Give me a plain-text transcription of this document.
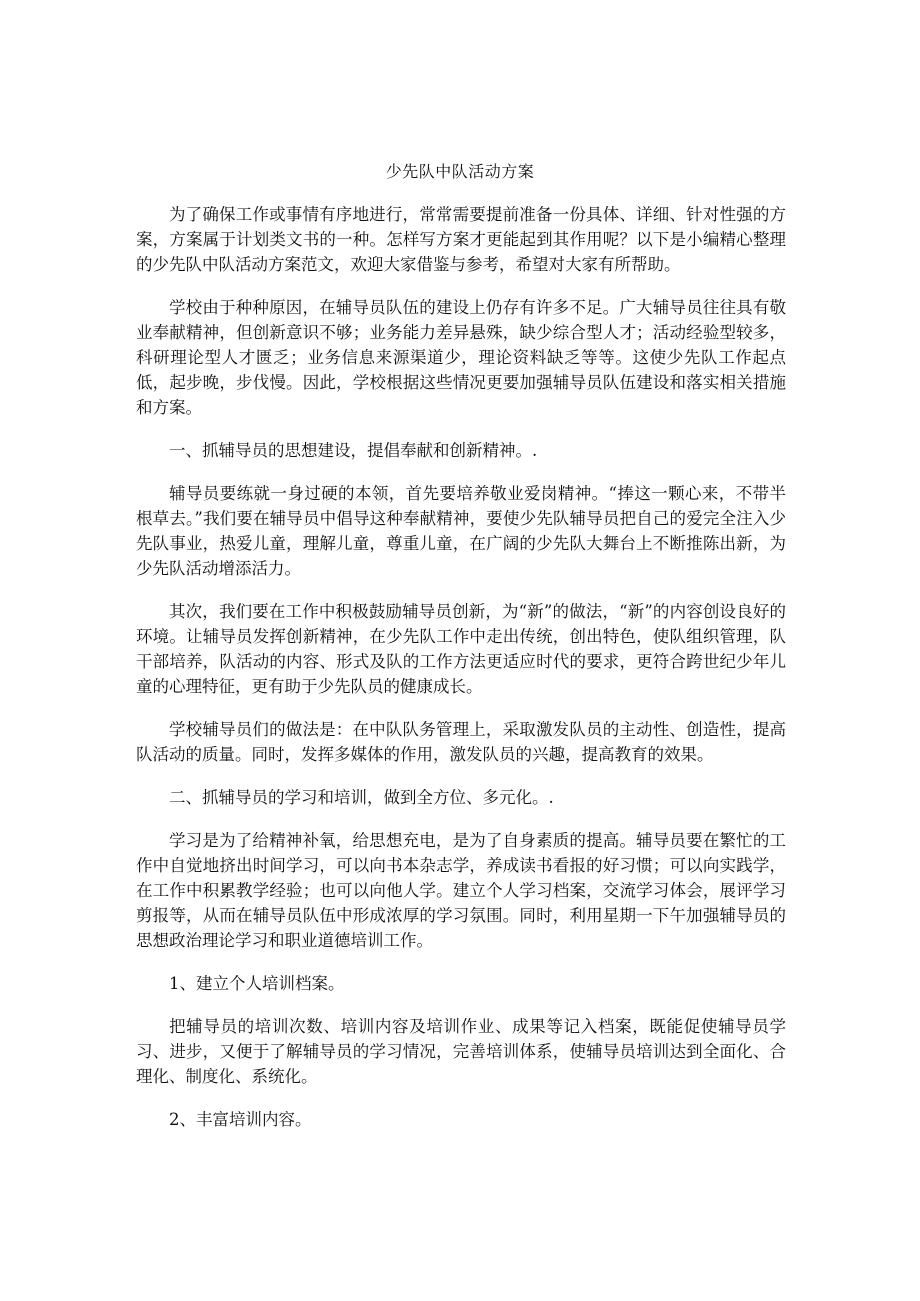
少先队中队活动方案

为了确保工作或事情有序地进行，常常需要提前准备一份具体、详细、针对性强的方案，方案属于计划类文书的一种。怎样写方案才更能起到其作用呢？以下是小编精心整理的少先队中队活动方案范文，欢迎大家借鉴与参考，希望对大家有所帮助。

学校由于种种原因，在辅导员队伍的建设上仍存有许多不足。广大辅导员往往具有敬业奉献精神，但创新意识不够；业务能力差异悬殊，缺少综合型人才；活动经验型较多，科研理论型人才匮乏；业务信息来源渠道少，理论资料缺乏等等。这使少先队工作起点低，起步晚，步伐慢。因此，学校根据这些情况更要加强辅导员队伍建设和落实相关措施和方案。

一、抓辅导员的思想建设，提倡奉献和创新精神。.

辅导员要练就一身过硬的本领，首先要培养敬业爱岗精神。“捧这一颗心来，不带半根草去。”我们要在辅导员中倡导这种奉献精神，要使少先队辅导员把自己的爱完全注入少先队事业，热爱儿童，理解儿童，尊重儿童，在广阔的少先队大舞台上不断推陈出新，为少先队活动增添活力。

其次，我们要在工作中积极鼓励辅导员创新，为“新”的做法，“新”的内容创设良好的环境。让辅导员发挥创新精神，在少先队工作中走出传统，创出特色，使队组织管理，队干部培养，队活动的内容、形式及队的工作方法更适应时代的要求，更符合跨世纪少年儿童的心理特征，更有助于少先队员的健康成长。

学校辅导员们的做法是：在中队队务管理上，采取激发队员的主动性、创造性，提高队活动的质量。同时，发挥多媒体的作用，激发队员的兴趣，提高教育的效果。

二、抓辅导员的学习和培训，做到全方位、多元化。.

学习是为了给精神补氧，给思想充电，是为了自身素质的提高。辅导员要在繁忙的工作中自觉地挤出时间学习，可以向书本杂志学，养成读书看报的好习惯；可以向实践学，在工作中积累教学经验；也可以向他人学。建立个人学习档案，交流学习体会，展评学习剪报等，从而在辅导员队伍中形成浓厚的学习氛围。同时，利用星期一下午加强辅导员的思想政治理论学习和职业道德培训工作。

1、建立个人培训档案。

把辅导员的培训次数、培训内容及培训作业、成果等记入档案，既能促使辅导员学习、进步，又便于了解辅导员的学习情况，完善培训体系，使辅导员培训达到全面化、合理化、制度化、系统化。

2、丰富培训内容。
